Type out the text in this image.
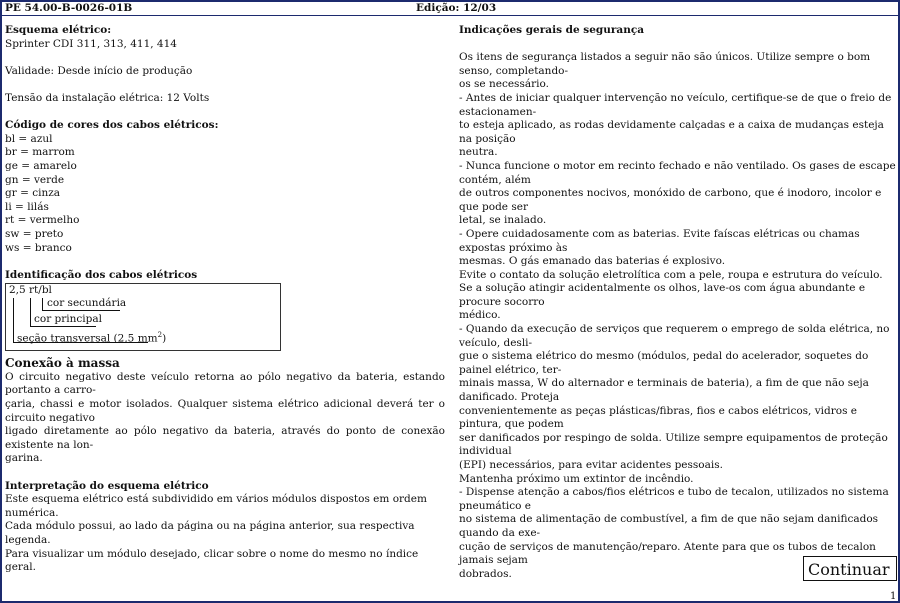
PE 54.00-B-0026-01B	Edição: 12/03

Esquema elétrico:

Sprinter CDI 311, 313, 411, 414

Validade: Desde início de produção

Tensão da instalação elétrica: 12 Volts

Código de cores dos cabos elétricos:

bl = azul

br = marrom

ge = amarelo

gn = verde

gr = cinza

li = lilás

rt = vermelho

sw = preto

ws = branco

Identificação dos cabos elétricos

2,5 rt/bl
cor secundária
cor principal
seção transversal (2,5 $mm^2$)

Conexão à massa

O circuito negativo deste veículo retorna ao pólo negativo da bateria, estando portanto a carro-

çaria, chassi e motor isolados. Qualquer sistema elétrico adicional deverá ter o circuito negativo

ligado diretamente ao pólo negativo da bateria, através do ponto de conexão existente na lon-

garina.

Interpretação do esquema elétrico

Este esquema elétrico está subdividido em vários módulos dispostos em ordem numérica.

Cada módulo possui, ao lado da página ou na página anterior, sua respectiva legenda.

Para visualizar um módulo desejado, clicar sobre o nome do mesmo no índice geral.

Indicações gerais de segurança

Os itens de segurança listados a seguir não são únicos. Utilize sempre o bom senso, completando-

os se necessário.

- Antes de iniciar qualquer intervenção no veículo, certifique-se de que o freio de estacionamen-

to esteja aplicado, as rodas devidamente calçadas e a caixa de mudanças esteja na posição

neutra.

- Nunca funcione o motor em recinto fechado e não ventilado. Os gases de escape contém, além

de outros componentes nocivos, monóxido de carbono, que é inodoro, incolor e que pode ser

letal, se inalado.

- Opere cuidadosamente com as baterias. Evite faíscas elétricas ou chamas expostas próximo às

mesmas. O gás emanado das baterias é explosivo.

Evite o contato da solução eletrolítica com a pele, roupa e estrutura do veículo.

Se a solução atingir acidentalmente os olhos, lave-os com água abundante e procure socorro

médico.

- Quando da execução de serviços que requerem o emprego de solda elétrica, no veículo, desli-

gue o sistema elétrico do mesmo (módulos, pedal do acelerador, soquetes do painel elétrico, ter-

minais massa, W do alternador e terminais de bateria), a fim de que não seja danificado. Proteja

convenientemente as peças plásticas/fibras, fios e cabos elétricos, vidros e pintura, que podem

ser danificados por respingo de solda. Utilize sempre equipamentos de proteção individual

(EPI) necessários, para evitar acidentes pessoais.

Mantenha próximo um extintor de incêndio.

- Dispense atenção a cabos/fios elétricos e tubo de tecalon, utilizados no sistema pneumático e

no sistema de alimentação de combustível, a fim de que não sejam danificados quando da exe-

cução de serviços de manutenção/reparo. Atente para que os tubos de tecalon jamais sejam

dobrados.	Continuar
1
